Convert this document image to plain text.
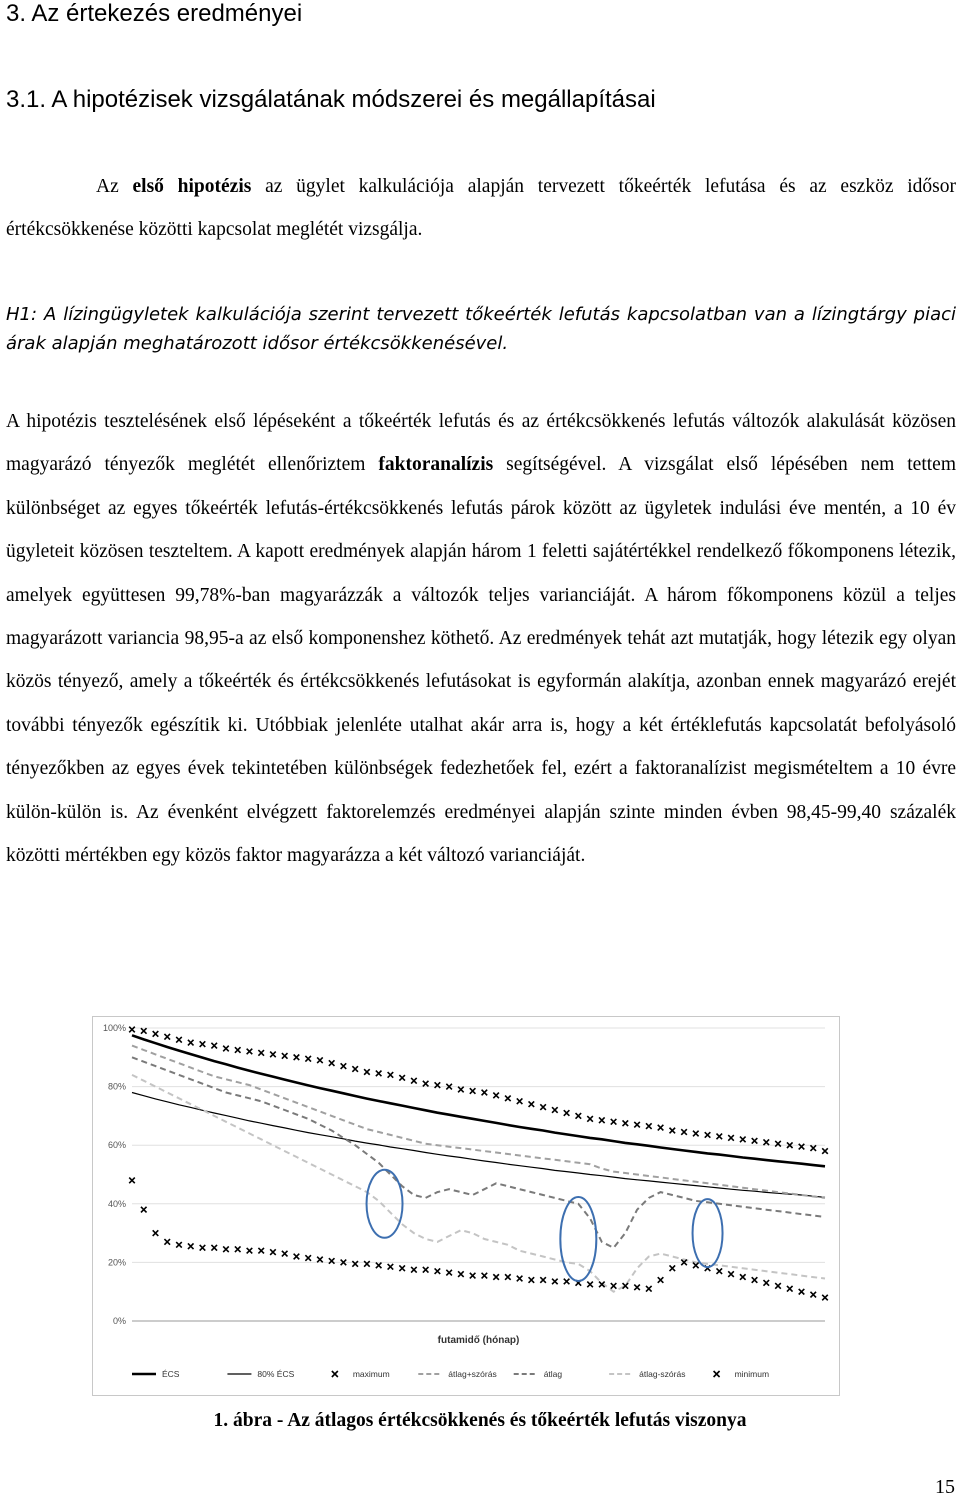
3. Az értekezés eredményei
3.1. A hipotézisek vizsgálatának módszerei és megállapításai
Az első hipotézis az ügylet kalkulációja alapján tervezett tőkeérték lefutása és az eszköz idősor értékcsökkenése közötti kapcsolat meglétét vizsgálja.
H1: A lízingügyletek kalkulációja szerint tervezett tőkeérték lefutás kapcsolatban van a lízingtárgy piaci árak alapján meghatározott idősor értékcsökkenésével.
A hipotézis tesztelésének első lépéseként a tőkeérték lefutás és az értékcsökkenés lefutás változók alakulását közösen magyarázó tényezők meglétét ellenőriztem faktoranalízis segítségével. A vizsgálat első lépésében nem tettem különbséget az egyes tőkeérték lefutás-értékcsökkenés lefutás párok között az ügyletek indulási éve mentén, a 10 év ügyleteit közösen teszteltem. A kapott eredmények alapján három 1 feletti sajátértékkel rendelkező főkomponens létezik, amelyek együttesen 99,78%-ban magyarázzák a változók teljes varianciáját. A három főkomponens közül a teljes magyarázott variancia 98,95-a az első komponenshez köthető. Az eredmények tehát azt mutatják, hogy létezik egy olyan közös tényező, amely a tőkeérték és értékcsökkenés lefutásokat is egyformán alakítja, azonban ennek magyarázó erejét további tényezők egészítik ki. Utóbbiak jelenléte utalhat akár arra is, hogy a két értéklefutás kapcsolatát befolyásoló tényezőkben az egyes évek tekintetében különbségek fedezhetőek fel, ezért a faktoranalízist megismételtem a 10 évre külön-külön is. Az évenként elvégzett faktorelemzés eredményei alapján szinte minden évben 98,45-99,40 százalék közötti mértékben egy közös faktor magyarázza a két változó varianciáját.
0%
20%
40%
60%
80%
100%
futamidő (hónap)
ÉCS	80% ÉCS	maximum	átlag+szórás	átlag	átlag-szórás	minimum
1. ábra - Az átlagos értékcsökkenés és tőkeérték lefutás viszonya
15
